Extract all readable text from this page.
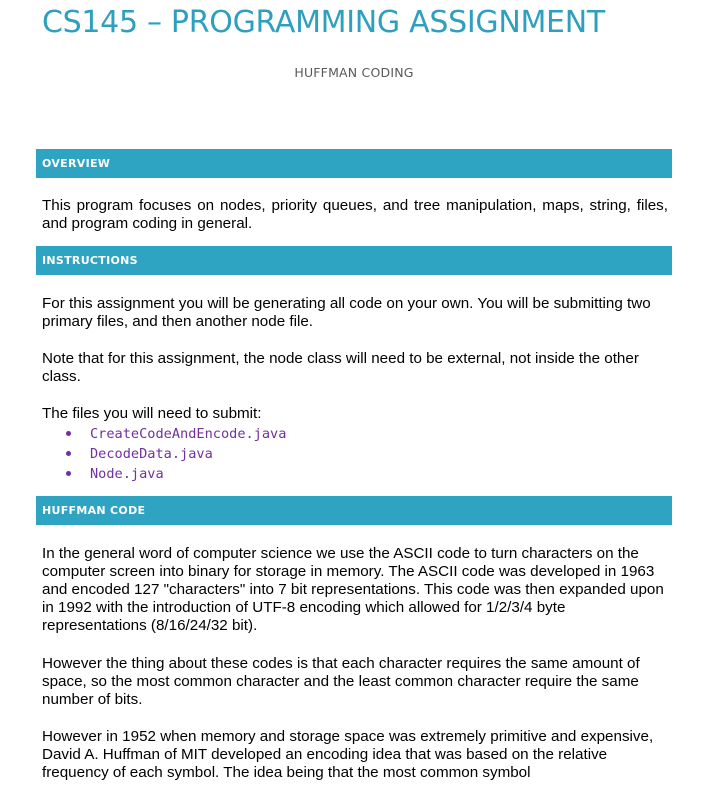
CS145 – PROGRAMMING ASSIGNMENT
HUFFMAN CODING
OVERVIEW

This program focuses on nodes, priority queues, and tree manipulation, maps, string, files, and program coding in general.

INSTRUCTIONS

For this assignment you will be generating all code on your own. You will be submitting two primary files, and then another node file.

Note that for this assignment, the node class will need to be external, not inside the other class.

The files you will need to submit:

CreateCodeAndEncode.java
DecodeData.java
Node.java
HUFFMAN CODE

In the general word of computer science we use the ASCII code to turn characters on the computer screen into binary for storage in memory. The ASCII code was developed in 1963 and encoded 127 "characters" into 7 bit representations. This code was then expanded upon in 1992 with the introduction of UTF-8 encoding which allowed for 1/2/3/4 byte representations (8/16/24/32 bit).

However the thing about these codes is that each character requires the same amount of space, so the most common character and the least common character require the same number of bits.

However in 1952 when memory and storage space was extremely primitive and expensive, David A. Huffman of MIT developed an encoding idea that was based on the relative frequency of each symbol. The idea being that the most common symbol
